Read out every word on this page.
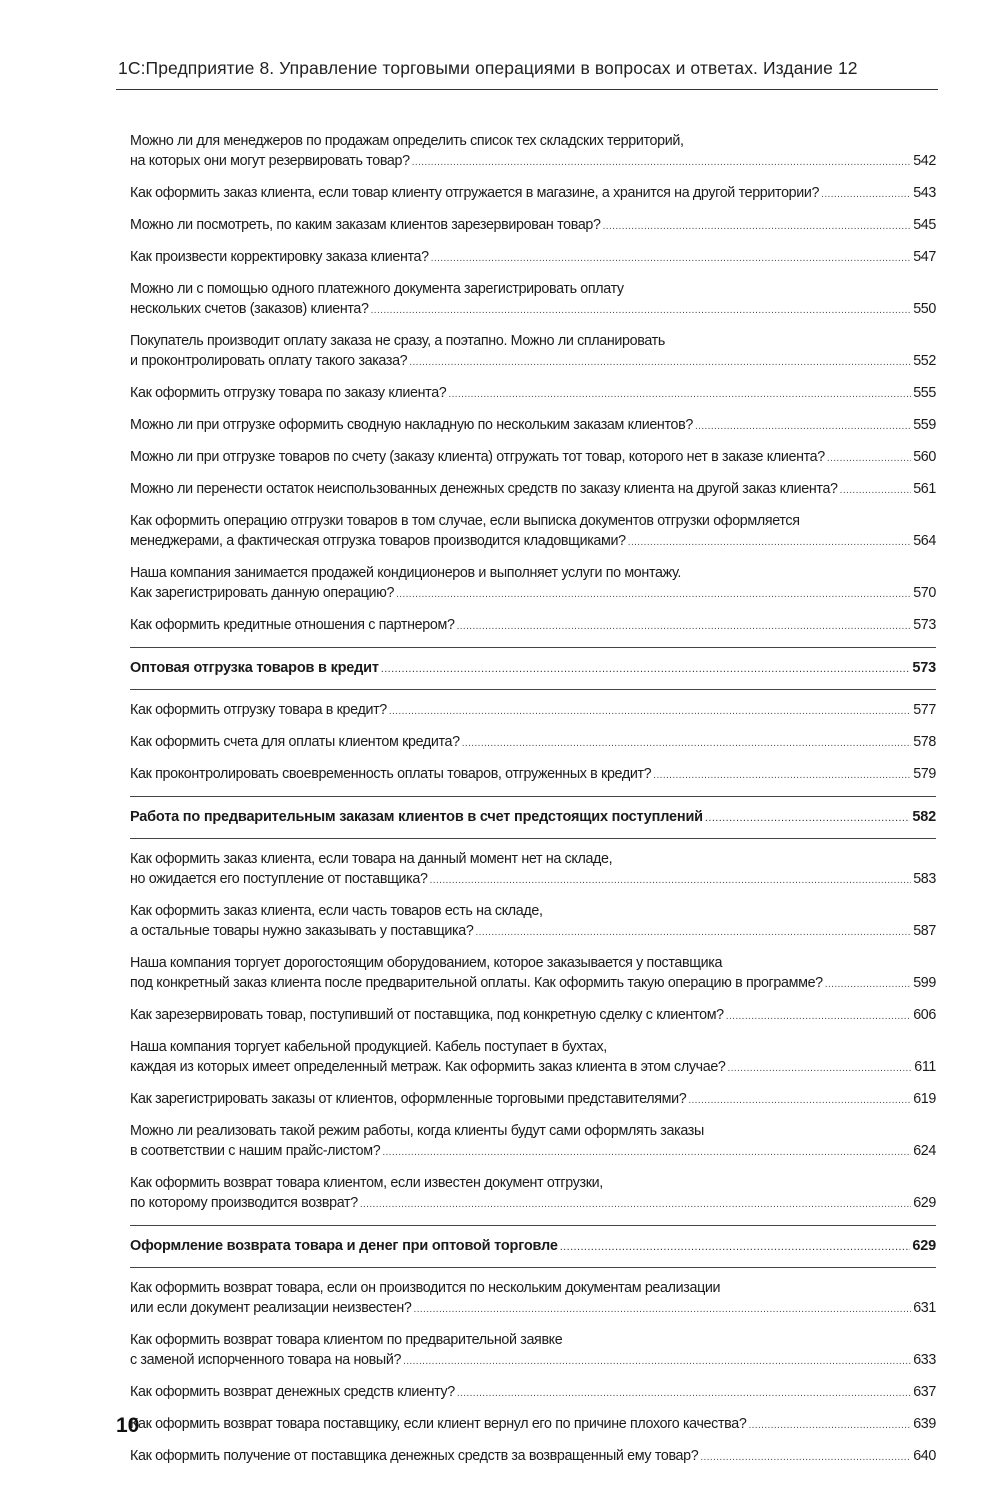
1С:Предприятие 8. Управление торговыми операциями в вопросах и ответах. Издание 12
Можно ли для менеджеров по продажам определить список тех складских территорий,
на которых они могут резервировать товар? .....	542
Как оформить заказ клиента, если товар клиенту отгружается в магазине, а хранится на другой территории? .....	543
Можно ли посмотреть, по каким заказам клиентов зарезервирован товар? .....	545
Как произвести корректировку заказа клиента? .....	547
Можно ли с помощью одного платежного документа зарегистрировать оплату
нескольких счетов (заказов) клиента? .....	550
Покупатель производит оплату заказа не сразу, а поэтапно. Можно ли спланировать
и проконтролировать оплату такого заказа? .....	552
Как оформить отгрузку товара по заказу клиента? .....	555
Можно ли при отгрузке оформить сводную накладную по нескольким заказам клиентов? .....	559
Можно ли при отгрузке товаров по счету (заказу клиента) отгружать тот товар, которого нет в заказе клиента? .....	560
Можно ли перенести остаток неиспользованных денежных средств по заказу клиента на другой заказ клиента? .....	561
Как оформить операцию отгрузки товаров в том случае, если выписка документов отгрузки оформляется
менеджерами, а фактическая отгрузка товаров производится кладовщиками? .....	564
Наша компания занимается продажей кондиционеров и выполняет услуги по монтажу.
Как зарегистрировать данную операцию? .....	570
Как оформить кредитные отношения с партнером? .....	573
Оптовая отгрузка товаров в кредит .....	573
Как оформить отгрузку товара в кредит? .....	577
Как оформить счета для оплаты клиентом кредита? .....	578
Как проконтролировать своевременность оплаты товаров, отгруженных в кредит? .....	579
Работа по предварительным заказам клиентов в счет предстоящих поступлений .....	582
Как оформить заказ клиента, если товара на данный момент нет на складе,
но ожидается его поступление от поставщика? .....	583
Как оформить заказ клиента, если часть товаров есть на складе,
а остальные товары нужно заказывать у поставщика? .....	587
Наша компания торгует дорогостоящим оборудованием, которое заказывается у поставщика
под конкретный заказ клиента после предварительной оплаты. Как оформить такую операцию в программе? .....	599
Как зарезервировать товар, поступивший от поставщика, под конкретную сделку с клиентом? .....	606
Наша компания торгует кабельной продукцией. Кабель поступает в бухтах,
каждая из которых имеет определенный метраж. Как оформить заказ клиента в этом случае? .....	611
Как зарегистрировать заказы от клиентов, оформленные торговыми представителями? .....	619
Можно ли реализовать такой режим работы, когда клиенты будут сами оформлять заказы
в соответствии с нашим прайс-листом? .....	624
Как оформить возврат товара клиентом, если известен документ отгрузки,
по которому производится возврат? .....	629
Оформление возврата товара и денег при оптовой торговле .....	629
Как оформить возврат товара, если он производится по нескольким документам реализации
или если документ реализации неизвестен? .....	631
Как оформить возврат товара клиентом по предварительной заявке
с заменой испорченного товара на новый? .....	633
Как оформить возврат денежных средств клиенту? .....	637
Как оформить возврат товара поставщику, если клиент вернул его по причине плохого качества? .....	639
Как оформить получение от поставщика денежных средств за возвращенный ему товар? .....	640
10
